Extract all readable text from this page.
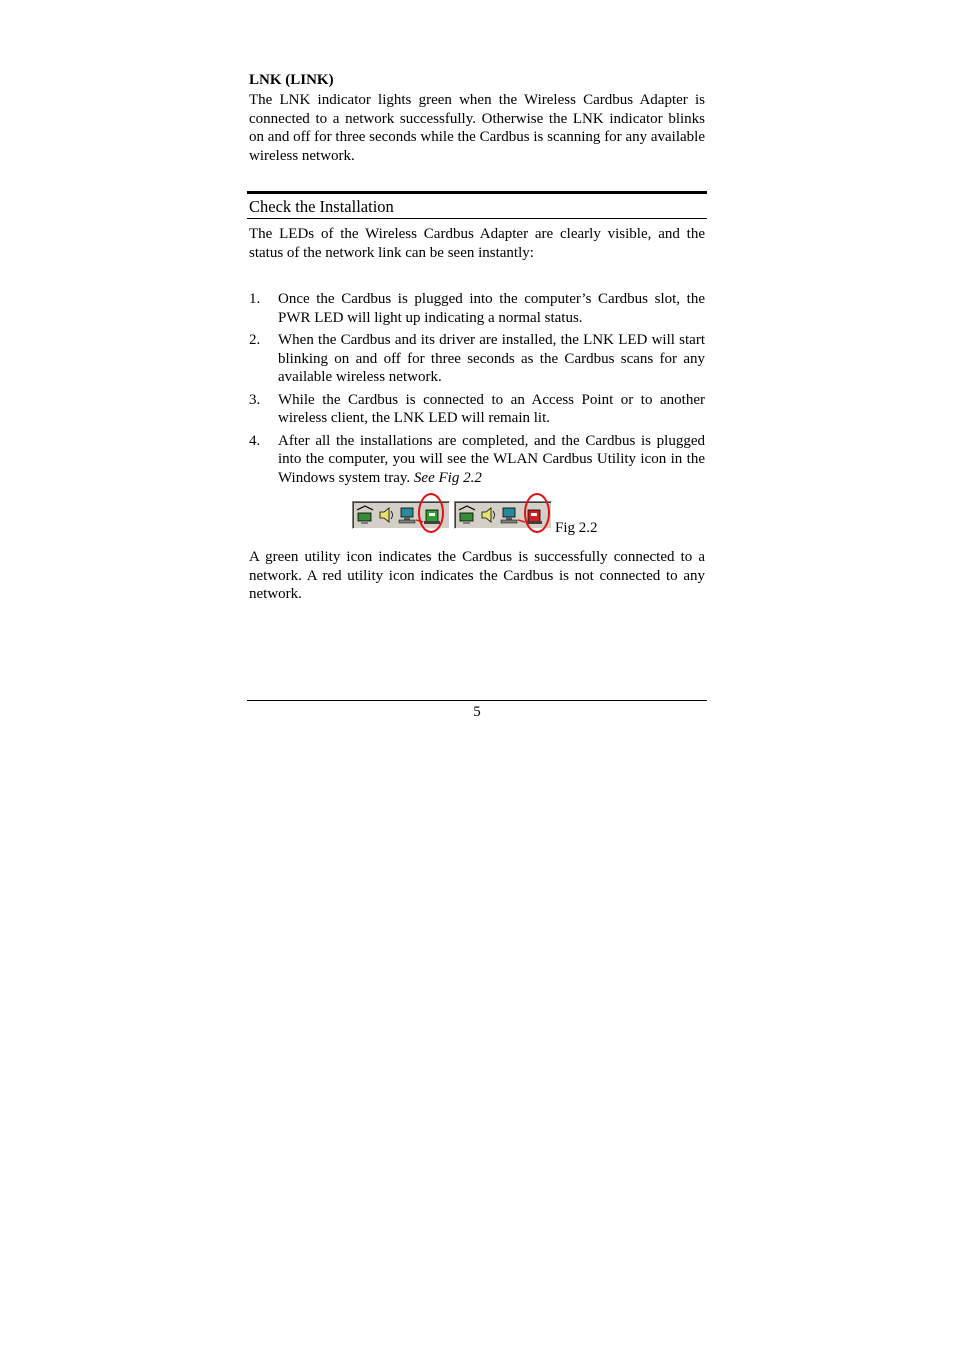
LNK (LINK)
The LNK indicator lights green when the Wireless Cardbus Adapter is connected to a network successfully. Otherwise the LNK indicator blinks on and off for three seconds while the Cardbus is scanning for any available wireless network.
Check the Installation
The LEDs of the Wireless Cardbus Adapter are clearly visible, and the status of the network link can be seen instantly:
1. Once the Cardbus is plugged into the computer’s Cardbus slot, the PWR LED will light up indicating a normal status.
2. When the Cardbus and its driver are installed, the LNK LED will start blinking on and off for three seconds as the Cardbus scans for any available wireless network.
3. While the Cardbus is connected to an Access Point or to another wireless client, the LNK LED will remain lit.
4. After all the installations are completed, and the Cardbus is plugged into the computer, you will see the WLAN Cardbus Utility icon in the Windows system tray. See Fig 2.2
Fig 2.2
A green utility icon indicates the Cardbus is successfully connected to a network. A red utility icon indicates the Cardbus is not connected to any network.
5
